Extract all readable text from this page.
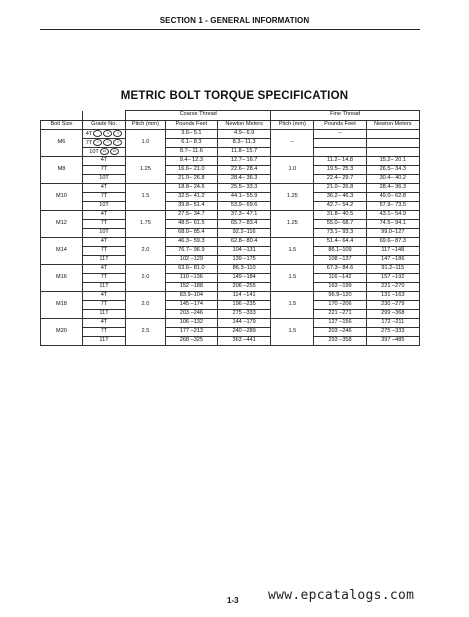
SECTION 1 - GENERAL INFORMATION
METRIC BOLT TORQUE SPECIFICATION
		Coarse Thread			Fine Thread		
Bolt Size	Grade No.	Pitch (mm)	Pounds Feet	Newton Meters	Pitch (mm)	Pounds Feet	Newton Meters
M6	4T 4 4	1.0	3.6– 5.1	4.9– 6.9	–	–	
	7T 7 7 7		6.1– 8.3	8.3– 11.3			
	10T 10 10		8.7– 11.6	11.8– 15.7			
M8	4T	1.25	9.4– 12.3	12.7– 16.7	1.0	11.2– 14.8	15.2– 20.1
	7T		16.6– 21.0	22.6– 28.4		19.5– 25.3	26.5– 34.3
	10T		21.0– 26.8	28.4– 36.3		22.4– 29.7	30.4– 40.2
M10	4T	1.5	18.8– 24.6	25.5– 33.3	1.25	21.0– 26.8	28.4– 36.3
	7T		32.5– 41.2	44.1– 55.9		36.2– 46.3	49.0– 62.8
	10T		39.8– 51.4	53.9– 69.6		42.7– 54.2	57.9– 73.5
M12	4T	1.75	27.5– 34.7	37.3– 47.1	1.25	31.8– 40.5	43.1– 54.9
	7T		48.5– 61.5	65.7– 83.4		55.0– 68.7	74.5– 94.1
	10T		68.0– 85.4	92.2–116		73.1– 93.3	99.0–127
M14	4T	2.0	46.3– 59.3	62.8– 80.4	1.5	51.4– 64.4	69.6– 87.3
	7T		76.7– 96.9	104 –131		86.1–109	117 –148
	11T		102 –129	139 –175		108 –137	147 –186
M16	4T	2.0	63.6– 81.0	86.3–110	1.5	67.3– 84.6	91.2–115
	7T		110 –136	149 –184		116 –142	157 –192
	11T		152 –188	206 –255		163 –199	221 –270
M18	4T	2.0	83.9–104	114 –141	1.5	96.9–120	131 –163
	7T		145 –174	196 –235		170 –206	230 –279
	11T		203 –246	275 –333		221 –271	299 –368
M20	4T	2.5	106 –132	144 –179	1.5	127 –156	172 –211
	7T		177 –213	240 –289		203 –246	275 –333
	11T		268 –325	363 –441		293 –358	397 –485
1-3 www.epcatalogs.com
